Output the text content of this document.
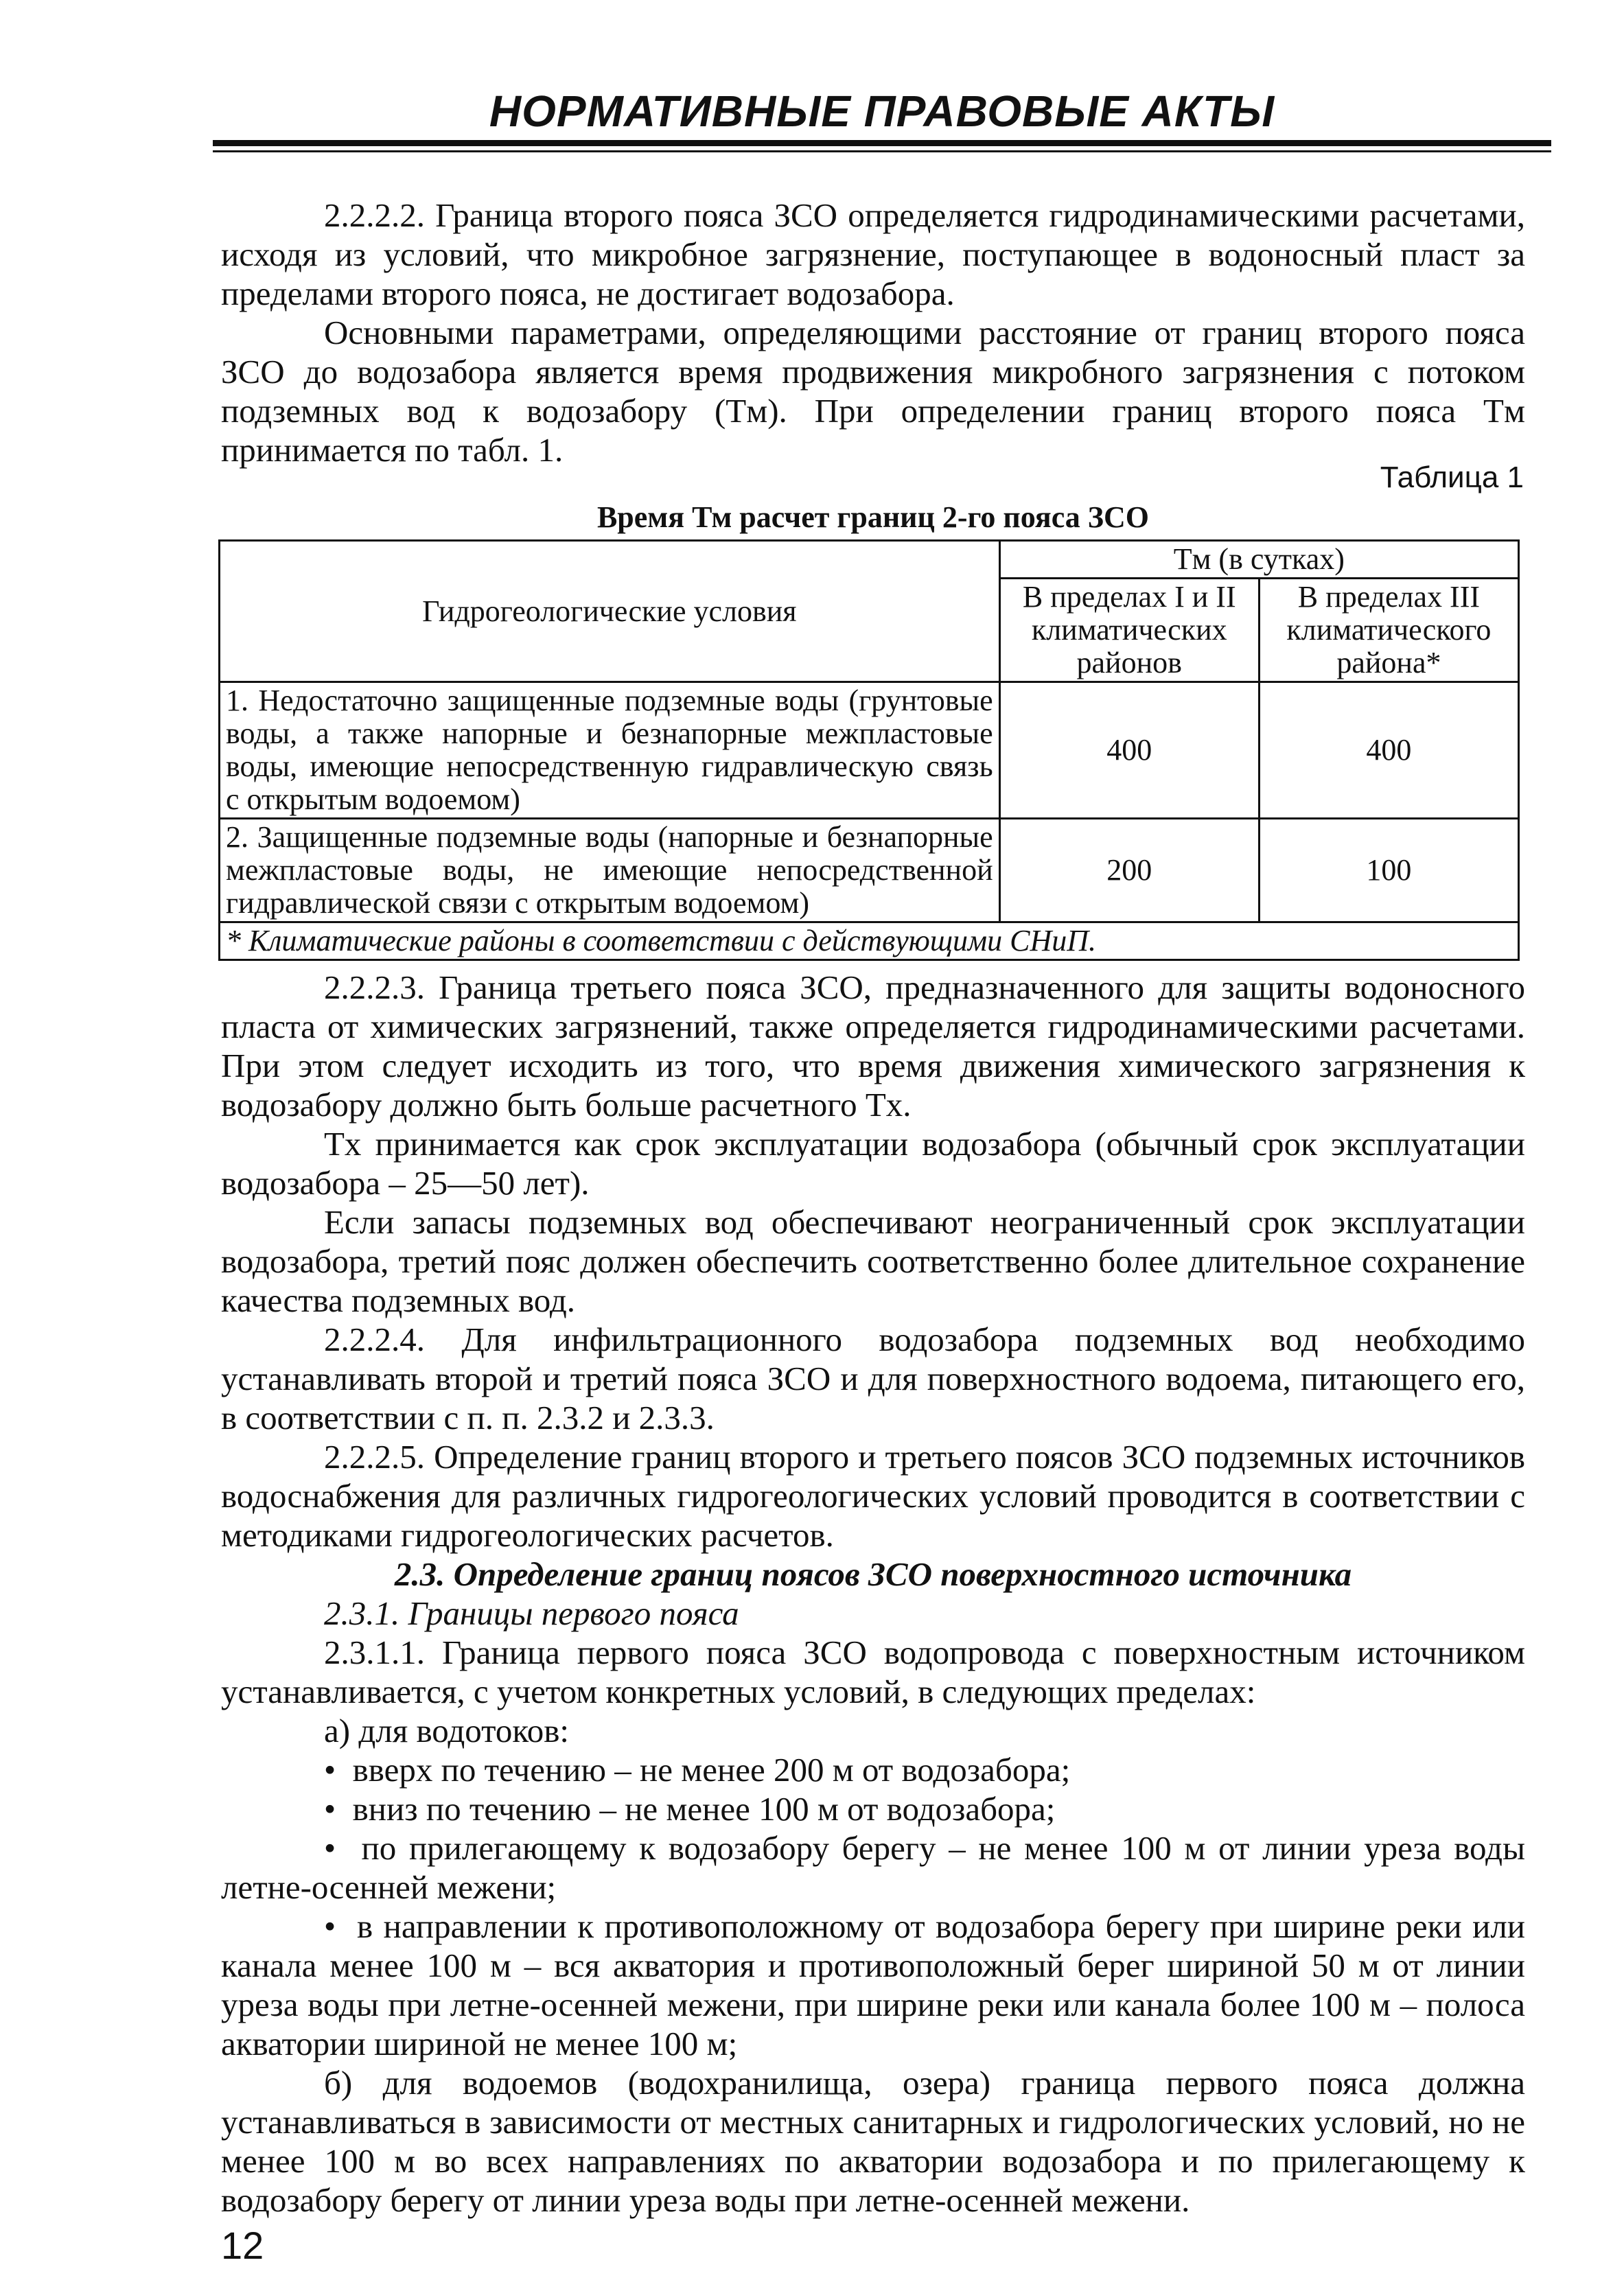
НОРМАТИВНЫЕ ПРАВОВЫЕ АКТЫ

2.2.2.2. Граница второго пояса ЗСО определяется гидродинамическими расчетами, исходя из условий, что микробное загрязнение, поступающее в водоносный пласт за пределами второго пояса, не достигает водозабора.

Основными параметрами, определяющими расстояние от границ второго пояса ЗСО до водозабора является время продвижения микробного загрязнения с потоком подземных вод к водозабору (Tм). При определении границ второго пояса Tм принимается по табл. 1.

Таблица 1
Время Тм расчет границ 2-го пояса ЗСО
Гидрогеологические условия	Tм (в сутках)	
	В пределах I и II климатических районов	В пределах III климатического района*
1. Недостаточно защищенные подземные воды (грунтовые воды, а также напорные и безнапорные межпластовые воды, имеющие непосредственную гидравлическую связь с открытым водоемом)	400	400
2. Защищенные подземные воды (напорные и безнапорные межпластовые воды, не имеющие непосредственной гидравлической связи с открытым водоемом)	200	100
* Климатические районы в соответствии с действующими СНиП.		

2.2.2.3. Граница третьего пояса ЗСО, предназначенного для защиты водоносного пласта от химических загрязнений, также определяется гидродинамическими расчетами. При этом следует исходить из того, что время движения химического загрязнения к водозабору должно быть больше расчетного Tх.

Tх принимается как срок эксплуатации водозабора (обычный срок эксплуатации водозабора – 25—50 лет).

Если запасы подземных вод обеспечивают неограниченный срок эксплуатации водозабора, третий пояс должен обеспечить соответственно более длительное сохранение качества подземных вод.

2.2.2.4. Для инфильтрационного водозабора подземных вод необходимо устанавливать второй и третий пояса ЗСО и для поверхностного водоема, питающего его, в соответствии с п. п. 2.3.2 и 2.3.3.

2.2.2.5. Определение границ второго и третьего поясов ЗСО подземных источников водоснабжения для различных гидрогеологических условий проводится в соответствии с методиками гидрогеологических расчетов.

2.3. Определение границ поясов ЗСО поверхностного источника

2.3.1. Границы первого пояса

2.3.1.1. Граница первого пояса ЗСО водопровода с поверхностным источником устанавливается, с учетом конкретных условий, в следующих пределах:

а) для водотоков:

•  вверх по течению – не менее 200 м от водозабора;

•  вниз по течению – не менее 100 м от водозабора;

•  по прилегающему к водозабору берегу – не менее 100 м от линии уреза воды летне-осенней межени;

•  в направлении к противоположному от водозабора берегу при ширине реки или канала менее 100 м – вся акватория и противоположный берег шириной 50 м от линии уреза воды при летне-осенней межени, при ширине реки или канала более 100 м – полоса акватории шириной не менее 100 м;

б) для водоемов (водохранилища, озера) граница первого пояса должна устанавливаться в зависимости от местных санитарных и гидрологических условий, но не менее 100 м во всех направлениях по акватории водозабора и по прилегающему к водозабору берегу от линии уреза воды при летне-осенней межени.

12
